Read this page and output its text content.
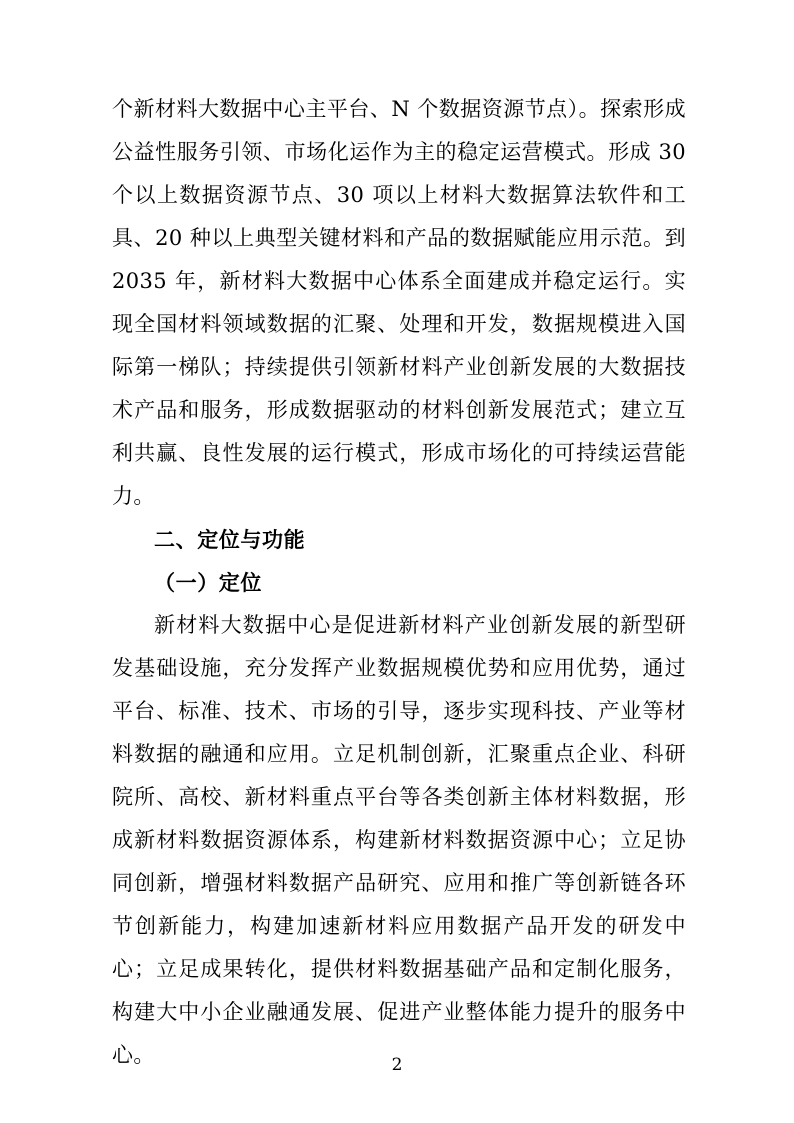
个新材料大数据中心主平台、N 个数据资源节点）。探索形成公益性服务引领、市场化运作为主的稳定运营模式。形成 30 个以上数据资源节点、30 项以上材料大数据算法软件和工具、20 种以上典型关键材料和产品的数据赋能应用示范。到 2035 年，新材料大数据中心体系全面建成并稳定运行。实现全国材料领域数据的汇聚、处理和开发，数据规模进入国际第一梯队；持续提供引领新材料产业创新发展的大数据技术产品和服务，形成数据驱动的材料创新发展范式；建立互利共赢、良性发展的运行模式，形成市场化的可持续运营能力。

二、定位与功能

（一）定位

新材料大数据中心是促进新材料产业创新发展的新型研发基础设施，充分发挥产业数据规模优势和应用优势，通过平台、标准、技术、市场的引导，逐步实现科技、产业等材料数据的融通和应用。立足机制创新，汇聚重点企业、科研院所、高校、新材料重点平台等各类创新主体材料数据，形成新材料数据资源体系，构建新材料数据资源中心；立足协同创新，增强材料数据产品研究、应用和推广等创新链各环节创新能力，构建加速新材料应用数据产品开发的研发中心；立足成果转化，提供材料数据基础产品和定制化服务，构建大中小企业融通发展、促进产业整体能力提升的服务中心。	2
